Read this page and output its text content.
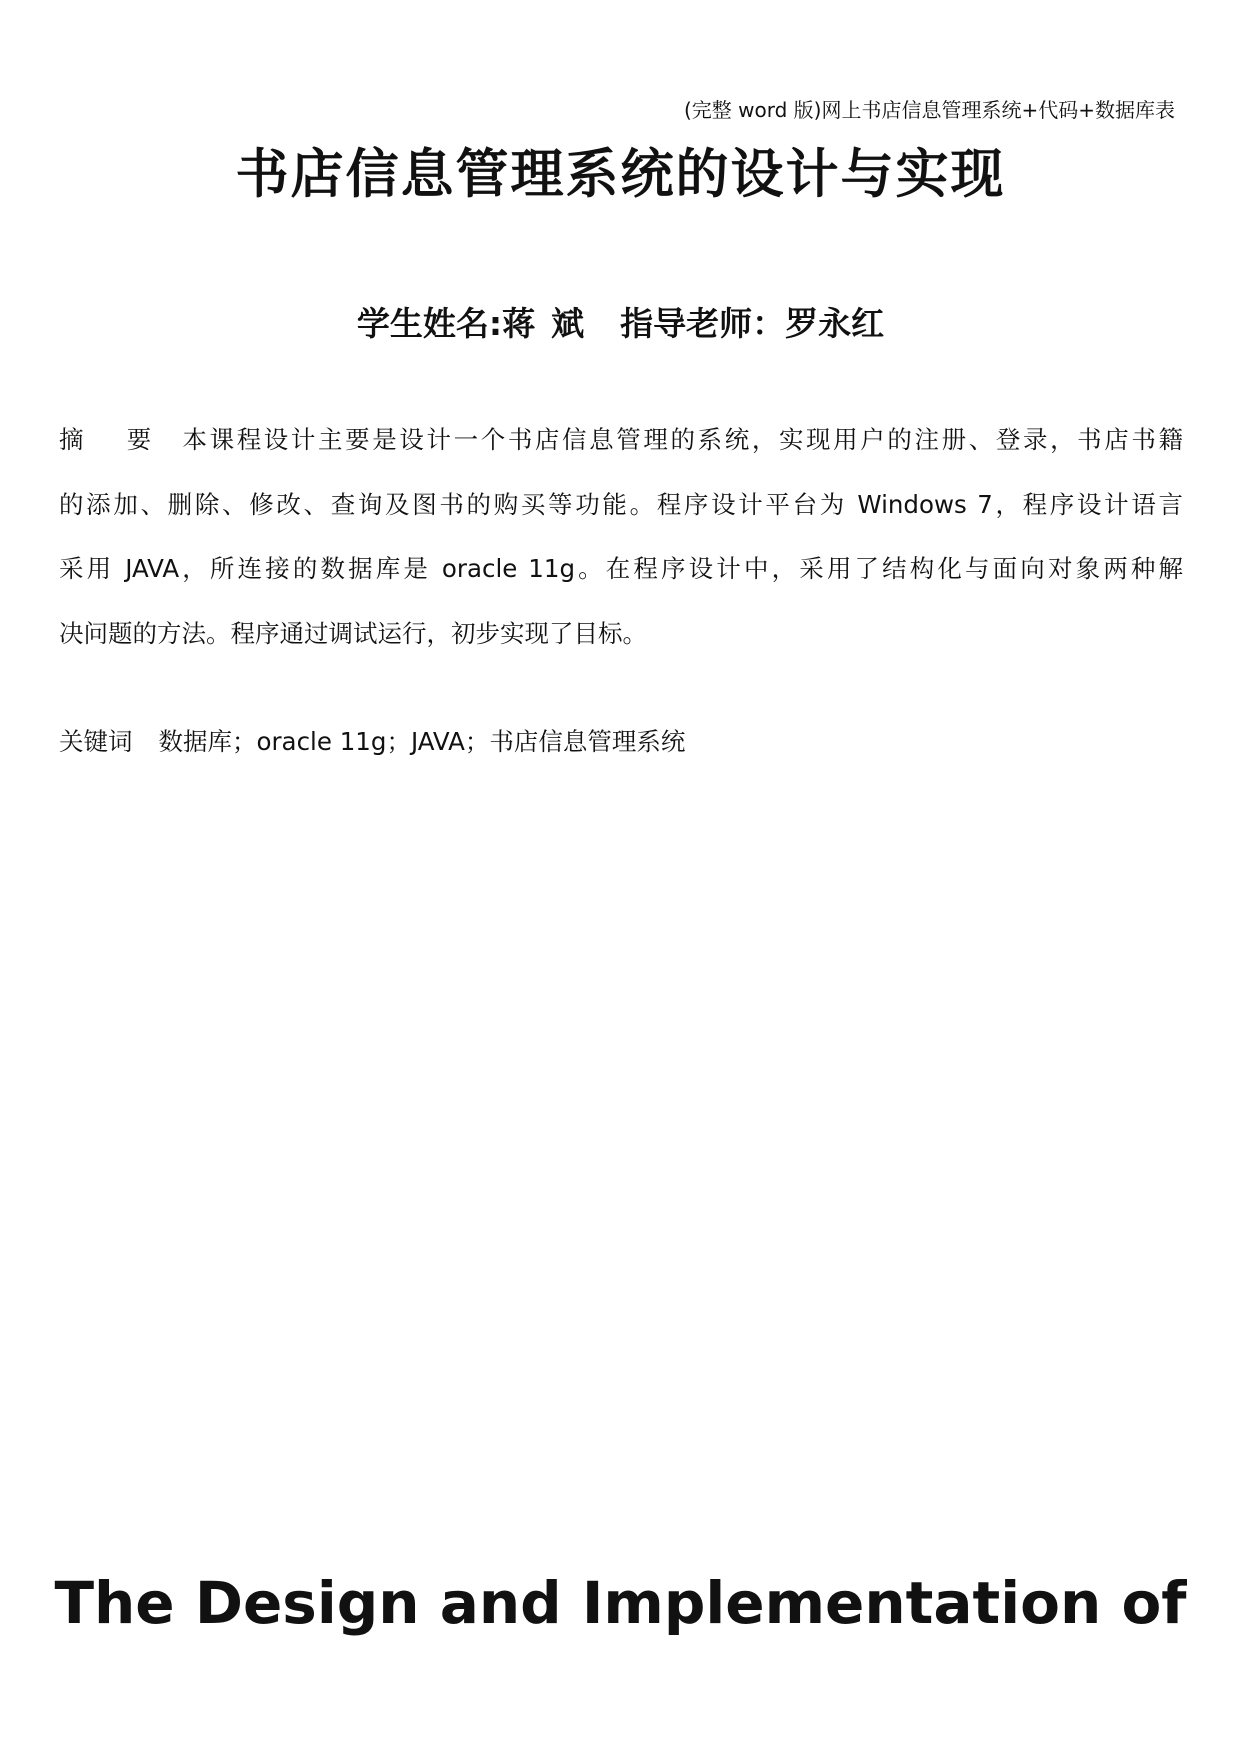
(完整 word 版)网上书店信息管理系统+代码+数据库表
书店信息管理系统的设计与实现
学生姓名:蒋 斌 指导老师：罗永红
摘 要 本课程设计主要是设计一个书店信息管理的系统，实现用户的注册、登录，书店书籍
的添加、删除、修改、查询及图书的购买等功能。程序设计平台为 Windows 7，程序设计语言
采用 JAVA，所连接的数据库是 oracle 11g。在程序设计中，采用了结构化与面向对象两种解
决问题的方法。程序通过调试运行，初步实现了目标。
关键词 数据库；oracle 11g；JAVA；书店信息管理系统
The Design and Implementation of
